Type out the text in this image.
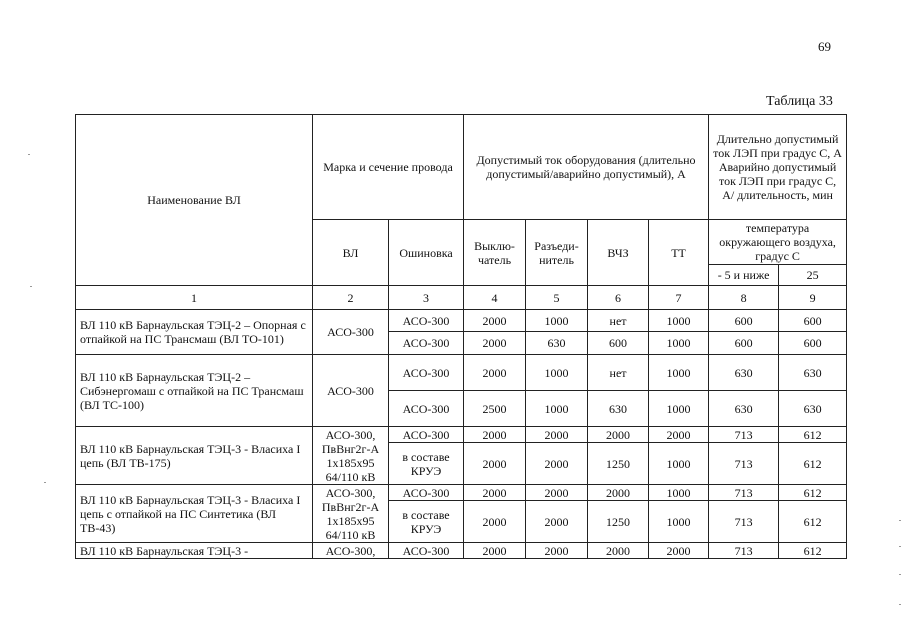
69
Таблица 33
Наименование ВЛ	Марка и сечение провода		Допустимый ток оборудования (длительно допустимый/аварийно допустимый), А				Длительно допустимый ток ЛЭП при градус С, А Аварийно допустимый ток ЛЭП при градус С, А/ длительность, мин	
	ВЛ	Ошиновка	Выклю-чатель	Разъеди-нитель	ВЧЗ	ТТ	температура окружающего воздуха, градус С	
							- 5 и ниже	25
1	2	3	4	5	6	7	8	9
ВЛ 110 кВ Барнаульская ТЭЦ-2 – Опорная с отпайкой на ПС Трансмаш (ВЛ ТО-101)	АСО-300	АСО-300	2000	1000	нет	1000	600	600
		АСО-300	2000	630	600	1000	600	600
ВЛ 110 кВ Барнаульская ТЭЦ-2 – Сибэнергомаш с отпайкой на ПС Трансмаш (ВЛ ТС-100)	АСО-300	АСО-300	2000	1000	нет	1000	630	630
		АСО-300	2500	1000	630	1000	630	630
ВЛ 110 кВ Барнаульская ТЭЦ-3 - Власиха I цепь (ВЛ ТВ-175)	АСО-300, ПвВнг2г-А 1х185х95 64/110 кВ	АСО-300	2000	2000	2000	2000	713	612
		в составе КРУЭ	2000	2000	1250	1000	713	612
ВЛ 110 кВ Барнаульская ТЭЦ-3 - Власиха I цепь с отпайкой на ПС Синтетика (ВЛ ТВ-43)	АСО-300, ПвВнг2г-А 1х185х95 64/110 кВ	АСО-300	2000	2000	2000	1000	713	612
		в составе КРУЭ	2000	2000	1250	1000	713	612
ВЛ 110 кВ Барнаульская ТЭЦ-3 -	АСО-300,	АСО-300	2000	2000	2000	2000	713	612
